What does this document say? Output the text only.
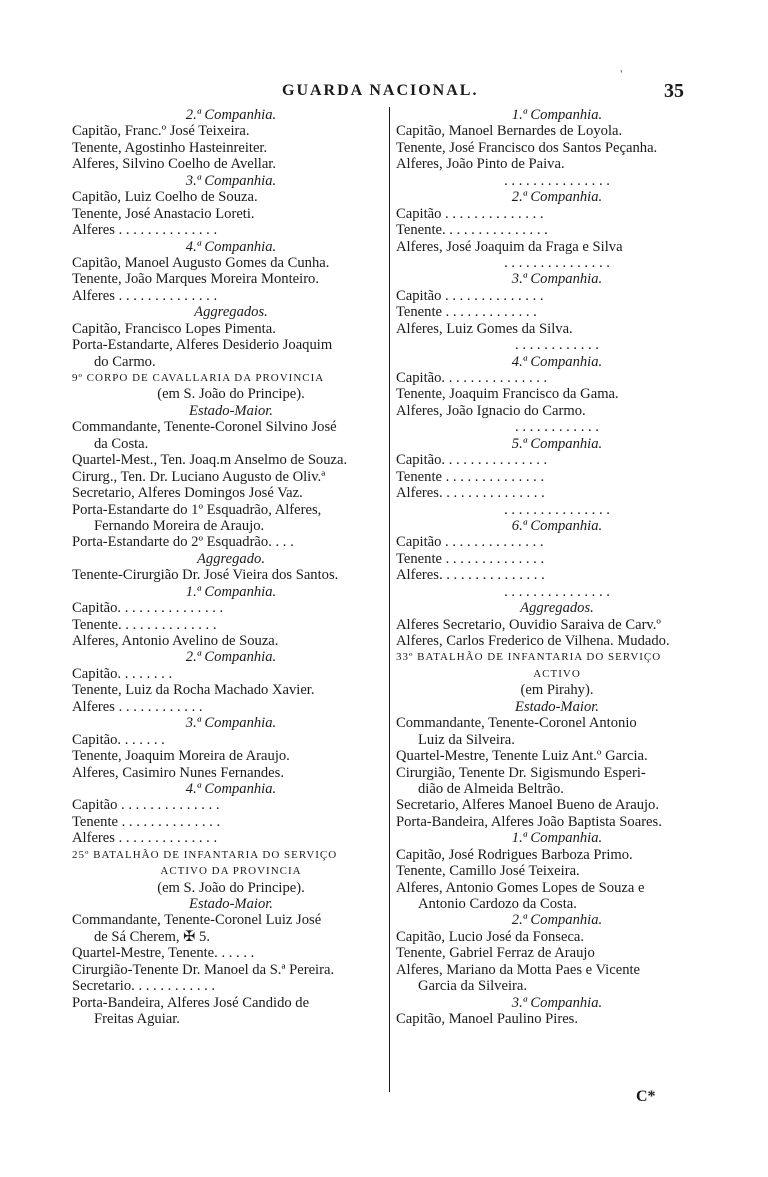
'
GUARDA NACIONAL.	35
2.ª Companhia.
Capitão, Franc.º José Teixeira.
Tenente, Agostinho Hasteinreiter.
Alferes, Silvino Coelho de Avellar.
3.ª Companhia.
Capitão, Luiz Coelho de Souza.
Tenente, José Anastacio Loreti.
Alferes . . . . . . . . . . . . . .
4.ª Companhia.
Capitão, Manoel Augusto Gomes da Cunha.
Tenente, João Marques Moreira Monteiro.
Alferes . . . . . . . . . . . . . .
Aggregados.
Capitão, Francisco Lopes Pimenta.
Porta-Estandarte, Alferes Desiderio Joaquim
do Carmo.
9º CORPO DE CAVALLARIA DA PROVINCIA
(em S. João do Principe).
Estado-Maior.
Commandante, Tenente-Coronel Silvino José
da Costa.
Quartel-Mest., Ten. Joaq.m Anselmo de Souza.
Cirurg., Ten. Dr. Luciano Augusto de Oliv.ª
Secretario, Alferes Domingos José Vaz.
Porta-Estandarte do 1º Esquadrão, Alferes,
Fernando Moreira de Araujo.
Porta-Estandarte do 2º Esquadrão. . . .
Aggregado.
Tenente-Cirurgião Dr. José Vieira dos Santos.
1.ª Companhia.
Capitão. . . . . . . . . . . . . . .
Tenente. . . . . . . . . . . . . .
Alferes, Antonio Avelino de Souza.
2.ª Companhia.
Capitão. . . . . . . .
Tenente, Luiz da Rocha Machado Xavier.
Alferes . . . . . . . . . . . .
3.ª Companhia.
Capitão. . . . . . .
Tenente, Joaquim Moreira de Araujo.
Alferes, Casimiro Nunes Fernandes.
4.ª Companhia.
Capitão . . . . . . . . . . . . . .
Tenente . . . . . . . . . . . . . .
Alferes . . . . . . . . . . . . . .
25º BATALHÃO DE INFANTARIA DO SERVIÇO
ACTIVO DA PROVINCIA
(em S. João do Principe).
Estado-Maior.
Commandante, Tenente-Coronel Luiz José
de Sá Cherem, ✠ 5.
Quartel-Mestre, Tenente. . . . . .
Cirurgião-Tenente Dr. Manoel da S.ª Pereira.
Secretario. . . . . . . . . . . .
Porta-Bandeira, Alferes José Candido de
Freitas Aguiar.
1.ª Companhia.
Capitão, Manoel Bernardes de Loyola.
Tenente, José Francisco dos Santos Peçanha.
Alferes, João Pinto de Paiva.
. . . . . . . . . . . . . . .
2.ª Companhia.
Capitão . . . . . . . . . . . . . .
Tenente. . . . . . . . . . . . . . .
Alferes, José Joaquim da Fraga e Silva
. . . . . . . . . . . . . . .
3.ª Companhia.
Capitão . . . . . . . . . . . . . .
Tenente . . . . . . . . . . . . .
Alferes, Luiz Gomes da Silva.
. . . . . . . . . . . .
4.ª Companhia.
Capitão. . . . . . . . . . . . . . .
Tenente, Joaquim Francisco da Gama.
Alferes, João Ignacio do Carmo.
. . . . . . . . . . . .
5.ª Companhia.
Capitão. . . . . . . . . . . . . . .
Tenente . . . . . . . . . . . . . .
Alferes. . . . . . . . . . . . . . .
. . . . . . . . . . . . . . .
6.ª Companhia.
Capitão . . . . . . . . . . . . . .
Tenente . . . . . . . . . . . . . .
Alferes. . . . . . . . . . . . . . .
. . . . . . . . . . . . . . .
Aggregados.
Alferes Secretario, Ouvidio Saraiva de Carv.º
Alferes, Carlos Frederico de Vilhena. Mudado.
33º BATALHÃO DE INFANTARIA DO SERVIÇO
ACTIVO
(em Pirahy).
Estado-Maior.
Commandante, Tenente-Coronel Antonio
Luiz da Silveira.
Quartel-Mestre, Tenente Luiz Ant.º Garcia.
Cirurgião, Tenente Dr. Sigismundo Esperi-
dião de Almeida Beltrão.
Secretario, Alferes Manoel Bueno de Araujo.
Porta-Bandeira, Alferes João Baptista Soares.
1.ª Companhia.
Capitão, José Rodrigues Barboza Primo.
Tenente, Camillo José Teixeira.
Alferes, Antonio Gomes Lopes de Souza e
Antonio Cardozo da Costa.
2.ª Companhia.
Capitão, Lucio José da Fonseca.
Tenente, Gabriel Ferraz de Araujo
Alferes, Mariano da Motta Paes e Vicente
Garcia da Silveira.
3.ª Companhia.
Capitão, Manoel Paulino Pires.
C*
